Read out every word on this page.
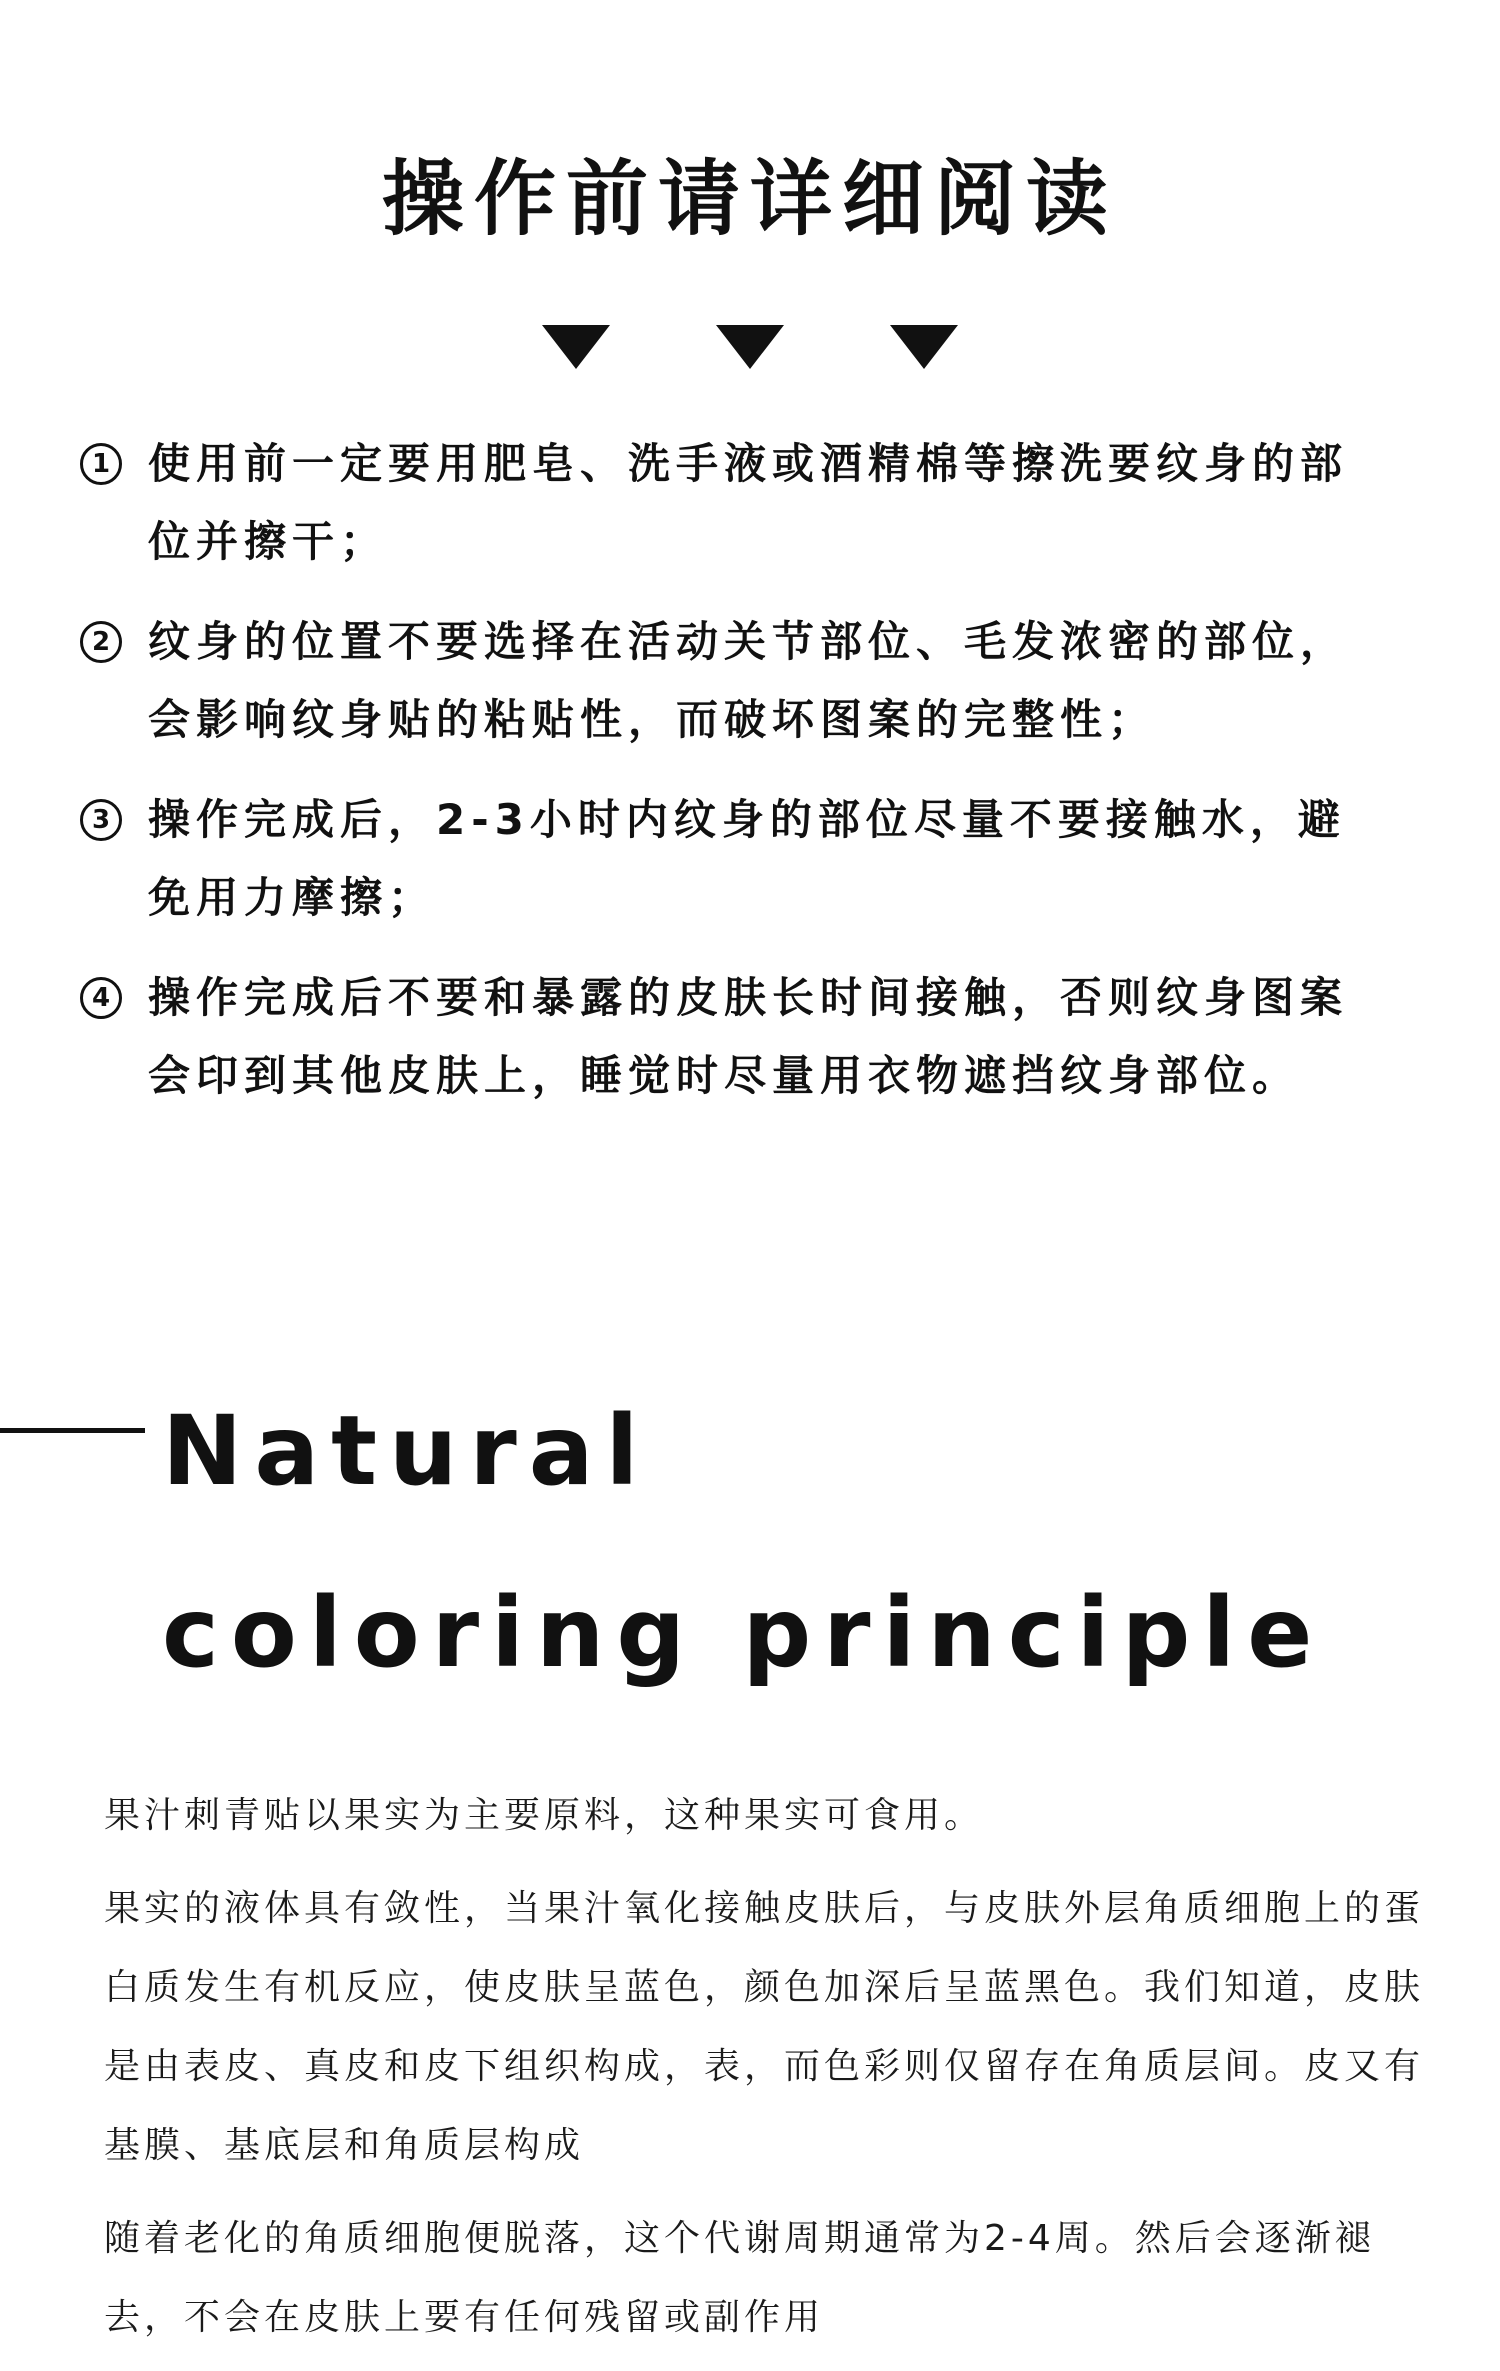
操作前请详细阅读
1 使用前一定要用肥皂、洗手液或酒精棉等擦洗要纹身的部位并擦干；
2 纹身的位置不要选择在活动关节部位、毛发浓密的部位，会影响纹身贴的粘贴性，而破坏图案的完整性；
3 操作完成后，2-3小时内纹身的部位尽量不要接触水，避免用力摩擦；
4 操作完成后不要和暴露的皮肤长时间接触，否则纹身图案会印到其他皮肤上，睡觉时尽量用衣物遮挡纹身部位。
Natural
coloring principle

果汁刺青贴以果实为主要原料，这种果实可食用。

果实的液体具有敛性，当果汁氧化接触皮肤后，与皮肤外层角质细胞上的蛋白质发生有机反应，使皮肤呈蓝色，颜色加深后呈蓝黑色。我们知道，皮肤是由表皮、真皮和皮下组织构成，表，而色彩则仅留存在角质层间。皮又有基膜、基底层和角质层构成

随着老化的角质细胞便脱落，这个代谢周期通常为2-4周。然后会逐渐褪去，不会在皮肤上要有任何残留或副作用
